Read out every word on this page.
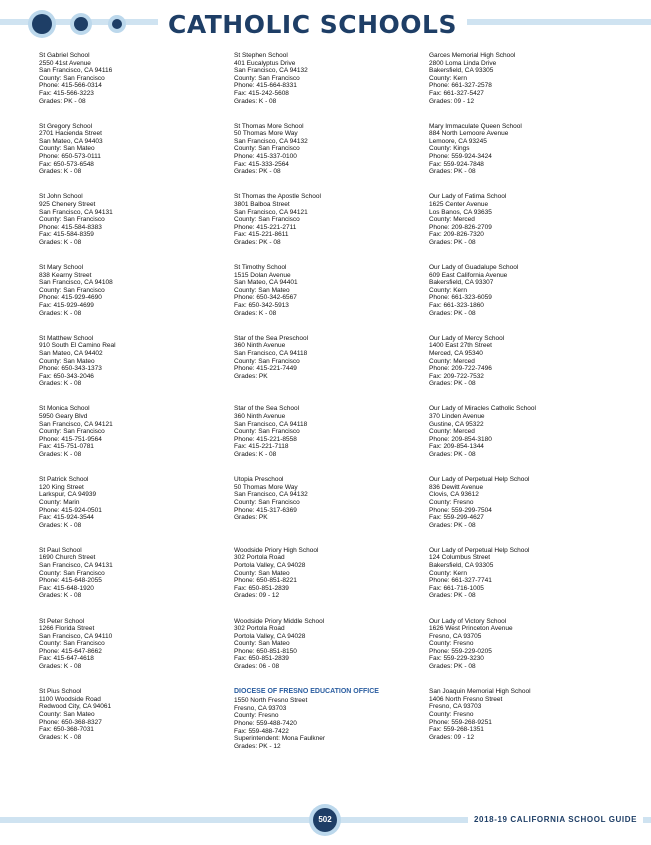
CATHOLIC SCHOOLS
St Gabriel School
2550 41st Avenue
San Francisco, CA 94116
County: San Francisco
Phone: 415-566-0314
Fax: 415-566-3223
Grades: PK - 08
St Gregory School
2701 Hacienda Street
San Mateo, CA 94403
County: San Mateo
Phone: 650-573-0111
Fax: 650-573-6548
Grades: K - 08
St John School
925 Chenery Street
San Francisco, CA 94131
County: San Francisco
Phone: 415-584-8383
Fax: 415-584-8359
Grades: K - 08
St Mary School
838 Kearny Street
San Francisco, CA 94108
County: San Francisco
Phone: 415-929-4690
Fax: 415-929-4699
Grades: K - 08
St Matthew School
910 South El Camino Real
San Mateo, CA 94402
County: San Mateo
Phone: 650-343-1373
Fax: 650-343-2046
Grades: K - 08
St Monica School
5950 Geary Blvd
San Francisco, CA 94121
County: San Francisco
Phone: 415-751-9564
Fax: 415-751-0781
Grades: K - 08
St Patrick School
120 King Street
Larkspur, CA 94939
County: Marin
Phone: 415-924-0501
Fax: 415-924-3544
Grades: K - 08
St Paul School
1690 Church Street
San Francisco, CA 94131
County: San Francisco
Phone: 415-648-2055
Fax: 415-648-1920
Grades: K - 08
St Peter School
1266 Florida Street
San Francisco, CA 94110
County: San Francisco
Phone: 415-647-8662
Fax: 415-647-4618
Grades: K - 08
St Pius School
1100 Woodside Road
Redwood City, CA 94061
County: San Mateo
Phone: 650-368-8327
Fax: 650-368-7031
Grades: K - 08
St Stephen School
401 Eucalyptus Drive
San Francisco, CA 94132
County: San Francisco
Phone: 415-664-8331
Fax: 415-242-5608
Grades: K - 08
St Thomas More School
50 Thomas More Way
San Francisco, CA 94132
County: San Francisco
Phone: 415-337-0100
Fax: 415-333-2564
Grades: PK - 08
St Thomas the Apostle School
3801 Balboa Street
San Francisco, CA 94121
County: San Francisco
Phone: 415-221-2711
Fax: 415-221-8611
Grades: PK - 08
St Timothy School
1515 Dolan Avenue
San Mateo, CA 94401
County: San Mateo
Phone: 650-342-6567
Fax: 650-342-5913
Grades: K - 08
Star of the Sea Preschool
360 Ninth Avenue
San Francisco, CA 94118
County: San Francisco
Phone: 415-221-7449
Grades: PK
Star of the Sea School
360 Ninth Avenue
San Francisco, CA 94118
County: San Francisco
Phone: 415-221-8558
Fax: 415-221-7118
Grades: K - 08
Utopia Preschool
50 Thomas More Way
San Francisco, CA 94132
County: San Francisco
Phone: 415-317-6369
Grades: PK
Woodside Priory High School
302 Portola Road
Portola Valley, CA 94028
County: San Mateo
Phone: 650-851-8221
Fax: 650-851-2839
Grades: 09 - 12
Woodside Priory Middle School
302 Portola Road
Portola Valley, CA 94028
County: San Mateo
Phone: 650-851-8150
Fax: 650-851-2839
Grades: 06 - 08
DIOCESE OF FRESNO EDUCATION OFFICE
1550 North Fresno Street
Fresno, CA 93703
County: Fresno
Phone: 559-488-7420
Fax: 559-488-7422
Superintendent: Mona Faulkner
Grades: PK - 12
Garces Memorial High School
2800 Loma Linda Drive
Bakersfield, CA 93305
County: Kern
Phone: 661-327-2578
Fax: 661-327-5427
Grades: 09 - 12
Mary Immaculate Queen School
884 North Lemoore Avenue
Lemoore, CA 93245
County: Kings
Phone: 559-924-3424
Fax: 559-924-7848
Grades: PK - 08
Our Lady of Fatima School
1625 Center Avenue
Los Banos, CA 93635
County: Merced
Phone: 209-826-2709
Fax: 209-826-7320
Grades: PK - 08
Our Lady of Guadalupe School
609 East California Avenue
Bakersfield, CA 93307
County: Kern
Phone: 661-323-6059
Fax: 661-323-1860
Grades: PK - 08
Our Lady of Mercy School
1400 East 27th Street
Merced, CA 95340
County: Merced
Phone: 209-722-7496
Fax: 209-722-7532
Grades: PK - 08
Our Lady of Miracles Catholic School
370 Linden Avenue
Gustine, CA 95322
County: Merced
Phone: 209-854-3180
Fax: 209-854-1344
Grades: PK - 08
Our Lady of Perpetual Help School
836 Dewitt Avenue
Clovis, CA 93612
County: Fresno
Phone: 559-299-7504
Fax: 559-299-4627
Grades: PK - 08
Our Lady of Perpetual Help School
124 Columbus Street
Bakersfield, CA 93305
County: Kern
Phone: 661-327-7741
Fax: 661-716-1005
Grades: PK - 08
Our Lady of Victory School
1626 West Princeton Avenue
Fresno, CA 93705
County: Fresno
Phone: 559-229-0205
Fax: 559-229-3230
Grades: PK - 08
San Joaquin Memorial High School
1406 North Fresno Street
Fresno, CA 93703
County: Fresno
Phone: 559-268-9251
Fax: 559-268-1351
Grades: 09 - 12
502	2018-19 CALIFORNIA SCHOOL GUIDE
